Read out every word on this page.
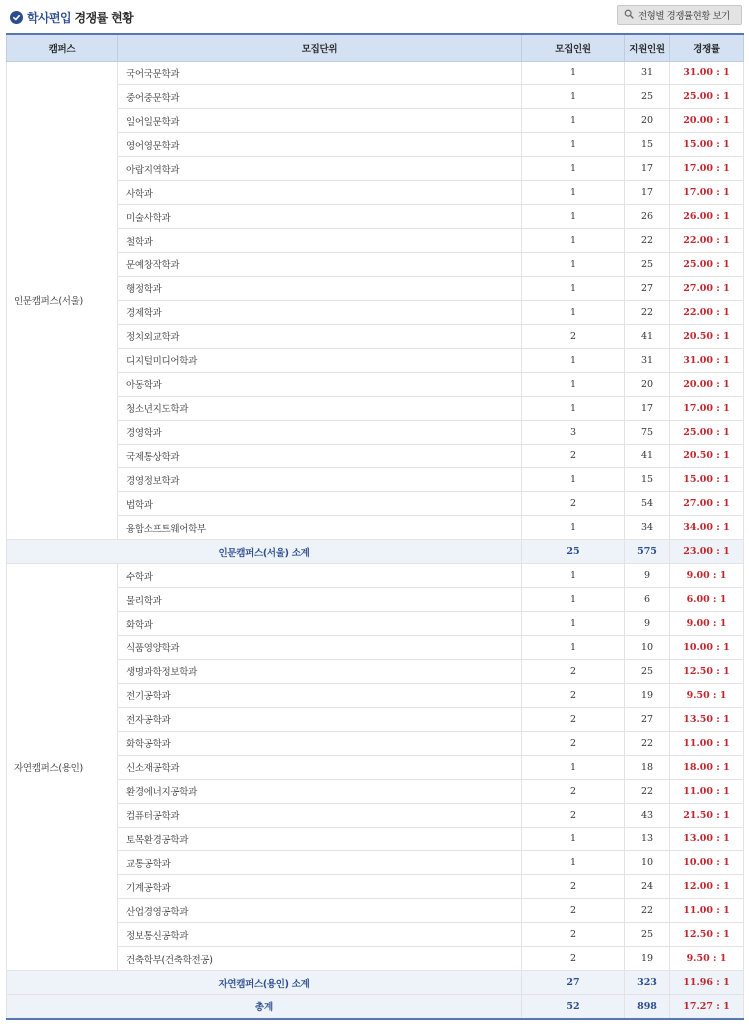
학사편입 경쟁률 현황	전형별 경쟁률현황 보기
캠퍼스	모집단위	모집인원	지원인원	경쟁률
인문캠퍼스(서울)	국어국문학과	1	31	31.00 : 1
	중어중문학과	1	25	25.00 : 1
	일어일문학과	1	20	20.00 : 1
	영어영문학과	1	15	15.00 : 1
	아랍지역학과	1	17	17.00 : 1
	사학과	1	17	17.00 : 1
	미술사학과	1	26	26.00 : 1
	철학과	1	22	22.00 : 1
	문예창작학과	1	25	25.00 : 1
	행정학과	1	27	27.00 : 1
	경제학과	1	22	22.00 : 1
	정치외교학과	2	41	20.50 : 1
	디지털미디어학과	1	31	31.00 : 1
	아동학과	1	20	20.00 : 1
	청소년지도학과	1	17	17.00 : 1
	경영학과	3	75	25.00 : 1
	국제통상학과	2	41	20.50 : 1
	경영정보학과	1	15	15.00 : 1
	법학과	2	54	27.00 : 1
	융합소프트웨어학부	1	34	34.00 : 1
인문캠퍼스(서울) 소계		25	575	23.00 : 1
자연캠퍼스(용인)	수학과	1	9	9.00 : 1
	물리학과	1	6	6.00 : 1
	화학과	1	9	9.00 : 1
	식품영양학과	1	10	10.00 : 1
	생명과학정보학과	2	25	12.50 : 1
	전기공학과	2	19	9.50 : 1
	전자공학과	2	27	13.50 : 1
	화학공학과	2	22	11.00 : 1
	신소재공학과	1	18	18.00 : 1
	환경에너지공학과	2	22	11.00 : 1
	컴퓨터공학과	2	43	21.50 : 1
	토목환경공학과	1	13	13.00 : 1
	교통공학과	1	10	10.00 : 1
	기계공학과	2	24	12.00 : 1
	산업경영공학과	2	22	11.00 : 1
	정보통신공학과	2	25	12.50 : 1
	건축학부(건축학전공)	2	19	9.50 : 1
자연캠퍼스(용인) 소계		27	323	11.96 : 1
총계		52	898	17.27 : 1
